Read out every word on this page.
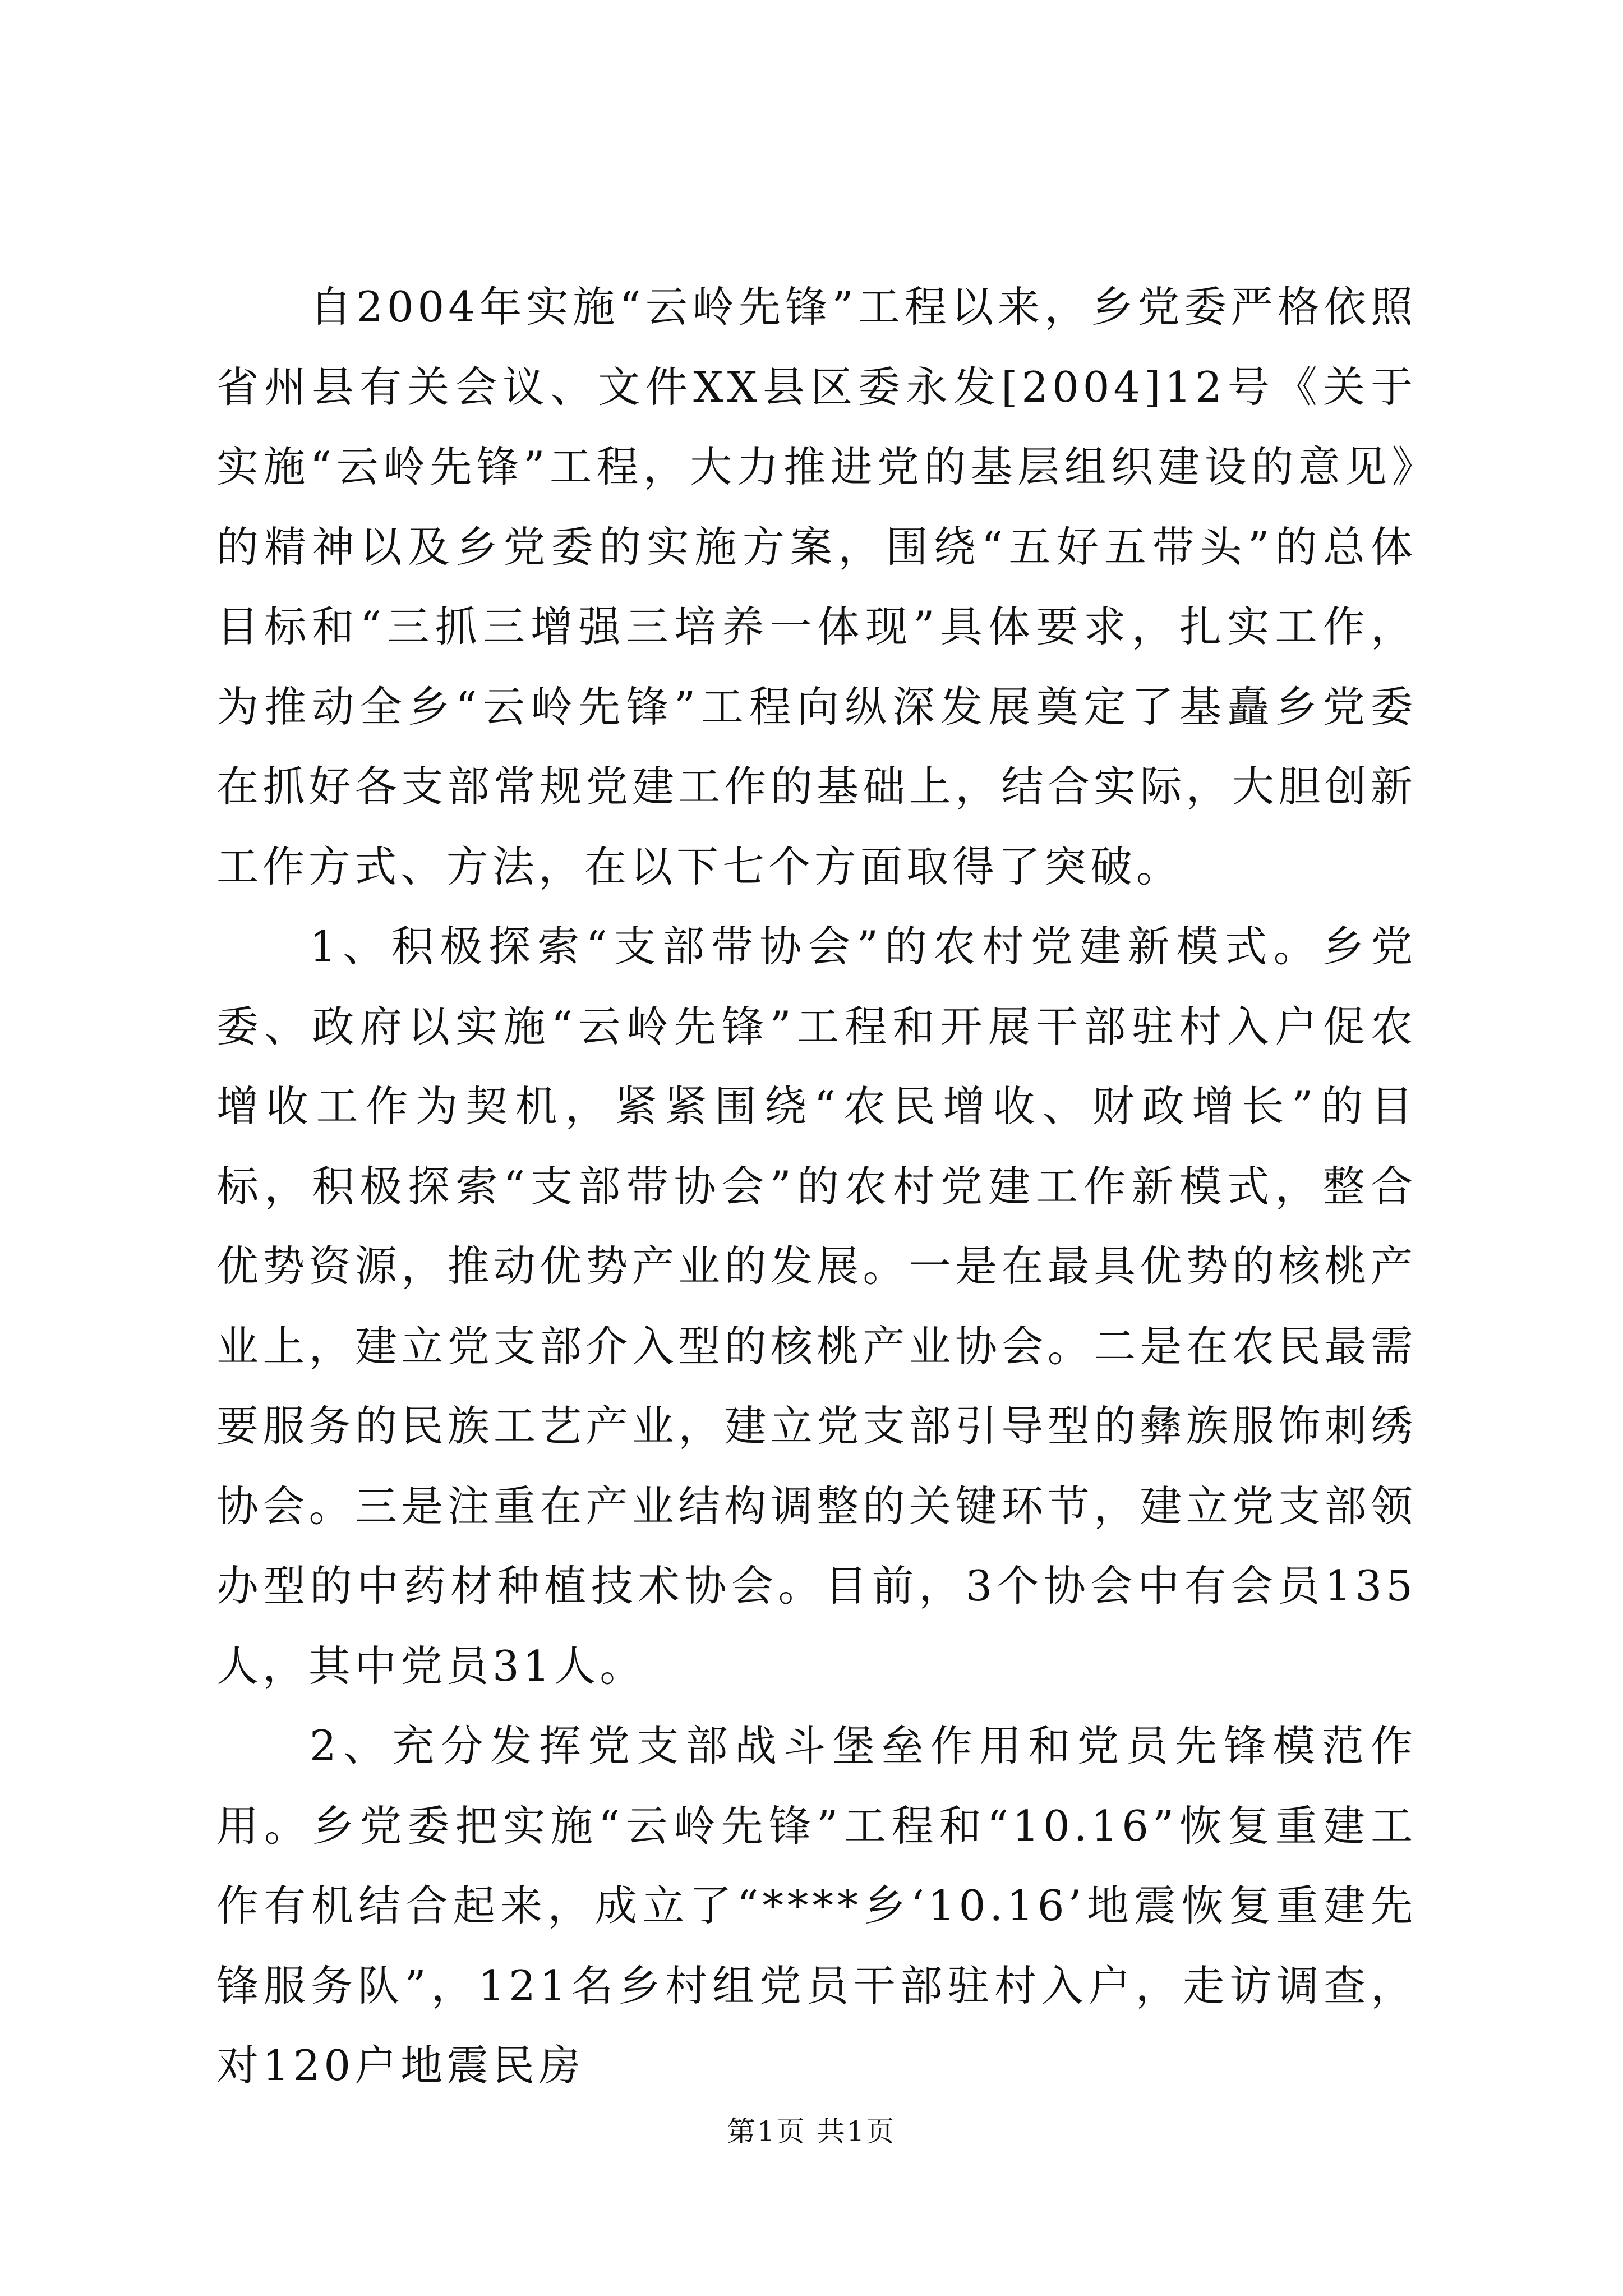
自2004年实施“云岭先锋”工程以来，乡党委严格依照省州县有关会议、文件XX县区委永发[2004]12号《关于实施“云岭先锋”工程，大力推进党的基层组织建设的意见》的精神以及乡党委的实施方案，围绕“五好五带头”的总体目标和“三抓三增强三培养一体现”具体要求，扎实工作，为推动全乡“云岭先锋”工程向纵深发展奠定了基矗乡党委在抓好各支部常规党建工作的基础上，结合实际，大胆创新工作方式、方法，在以下七个方面取得了突破。

1、积极探索“支部带协会”的农村党建新模式。乡党委、政府以实施“云岭先锋”工程和开展干部驻村入户促农增收工作为契机，紧紧围绕“农民增收、财政增长”的目标，积极探索“支部带协会”的农村党建工作新模式，整合优势资源，推动优势产业的发展。一是在最具优势的核桃产业上，建立党支部介入型的核桃产业协会。二是在农民最需要服务的民族工艺产业，建立党支部引导型的彝族服饰刺绣协会。三是注重在产业结构调整的关键环节，建立党支部领办型的中药材种植技术协会。目前，3个协会中有会员135人，其中党员31人。

2、充分发挥党支部战斗堡垒作用和党员先锋模范作用。乡党委把实施“云岭先锋”工程和“10.16”恢复重建工作有机结合起来，成立了“****乡‘10.16’地震恢复重建先锋服务队”，121名乡村组党员干部驻村入户，走访调查，对120户地震民房

第1页 共1页
